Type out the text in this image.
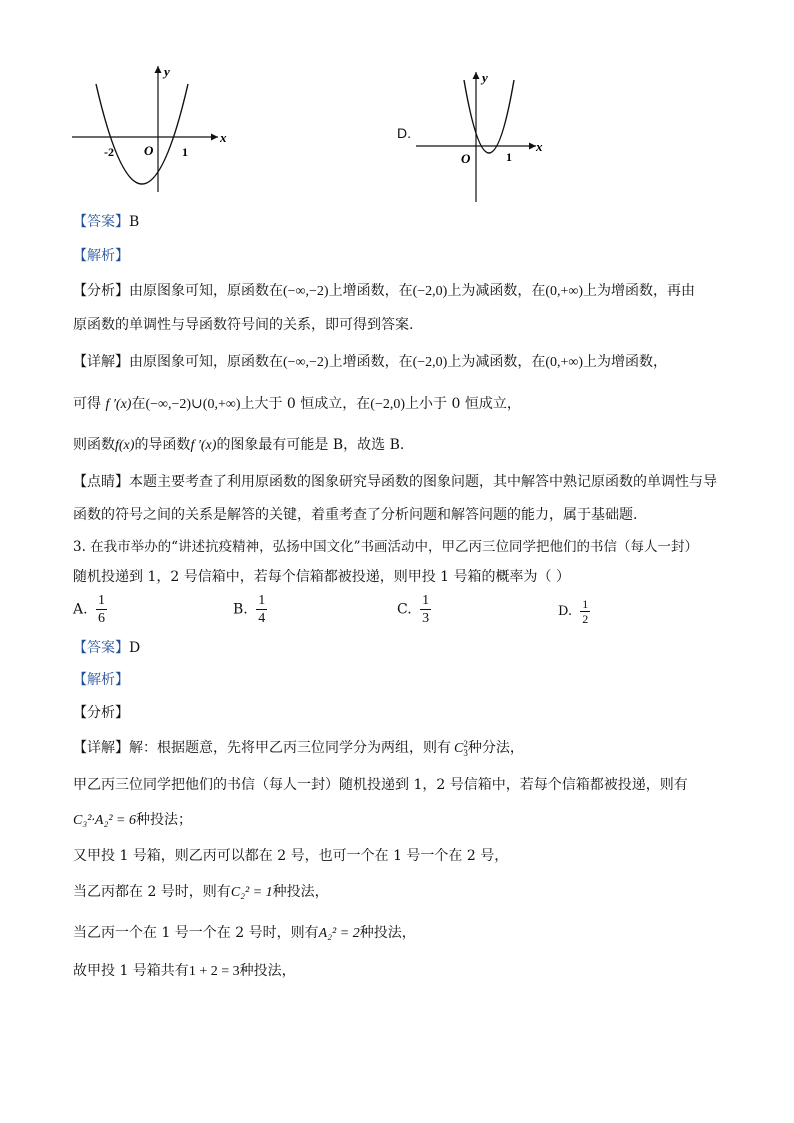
x
y
O
-2	1
D.
x
y
O	1
【答案】B
【解析】
【分析】由原图象可知，原函数在(−∞,−2)上增函数，在(−2,0)上为减函数，在(0,+∞)上为增函数，再由
原函数的单调性与导函数符号间的关系，即可得到答案.
【详解】由原图象可知，原函数在(−∞,−2)上增函数，在(−2,0)上为减函数，在(0,+∞)上为增函数，
可得 f ′(x)在(−∞,−2)∪(0,+∞)上大于 0 恒成立，在(−2,0)上小于 0 恒成立，
则函数f(x)的导函数f ′(x)的图象最有可能是 B，故选 B.
【点睛】本题主要考查了利用原函数的图象研究导函数的图象问题，其中解答中熟记原函数的单调性与导
函数的符号之间的关系是解答的关键，着重考查了分析问题和解答问题的能力，属于基础题.
3. 在我市举办的“讲述抗疫精神，弘扬中国文化”书画活动中，甲乙丙三位同学把他们的书信（每人一封）
随机投递到 1，2 号信箱中，若每个信箱都被投递，则甲投 1 号箱的概率为（ ）
A. $\frac{1}{6}$	B. $\frac{1}{4}$	C. $\frac{1}{3}$	D. $\frac{1}{2}$
【答案】D
【解析】
【分析】
【详解】解：根据题意，先将甲乙丙三位同学分为两组，则有 C 2
3 种分法，
甲乙丙三位同学把他们的书信（每人一封）随机投递到 1，2 号信箱中，若每个信箱都被投递，则有
C₃²·A₂² = 6种投法；
又甲投 1 号箱，则乙丙可以都在 2 号，也可一个在 1 号一个在 2 号，
当乙丙都在 2 号时，则有C₂² = 1种投法，
当乙丙一个在 1 号一个在 2 号时，则有A₂² = 2种投法，
故甲投 1 号箱共有1 + 2 = 3种投法，
